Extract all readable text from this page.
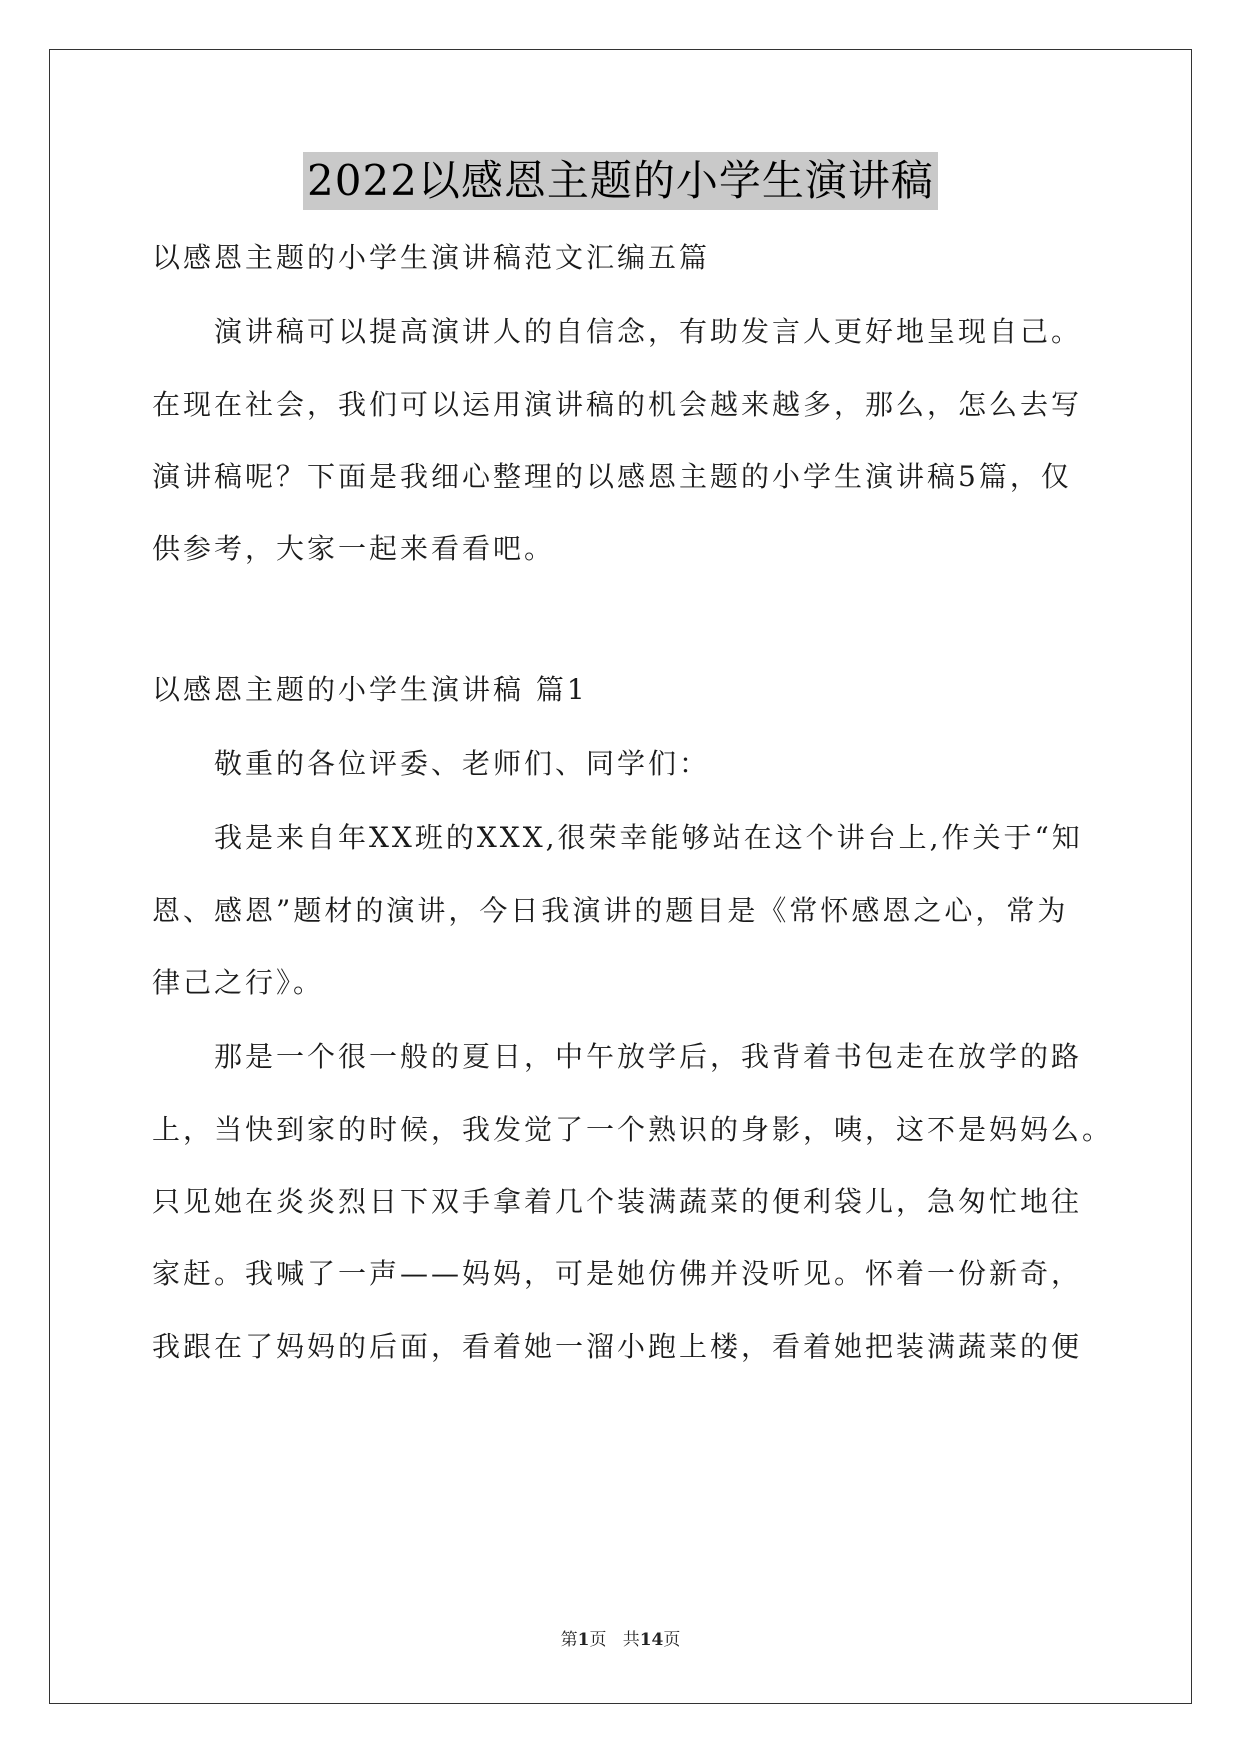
2022以感恩主题的小学生演讲稿
以感恩主题的小学生演讲稿范文汇编五篇
演讲稿可以提高演讲人的自信念，有助发言人更好地呈现自己。
在现在社会，我们可以运用演讲稿的机会越来越多，那么，怎么去写
演讲稿呢？下面是我细心整理的以感恩主题的小学生演讲稿5篇，仅
供参考，大家一起来看看吧。
以感恩主题的小学生演讲稿 篇1
敬重的各位评委、老师们、同学们：
我是来自年XX班的XXX,很荣幸能够站在这个讲台上,作关于“知
恩、感恩”题材的演讲，今日我演讲的题目是《常怀感恩之心，常为
律己之行》。
那是一个很一般的夏日，中午放学后，我背着书包走在放学的路
上，当快到家的时候，我发觉了一个熟识的身影，咦，这不是妈妈么。
只见她在炎炎烈日下双手拿着几个装满蔬菜的便利袋儿，急匆忙地往
家赶。我喊了一声——妈妈，可是她仿佛并没听见。怀着一份新奇，
我跟在了妈妈的后面，看着她一溜小跑上楼，看着她把装满蔬菜的便
第1页 共14页
